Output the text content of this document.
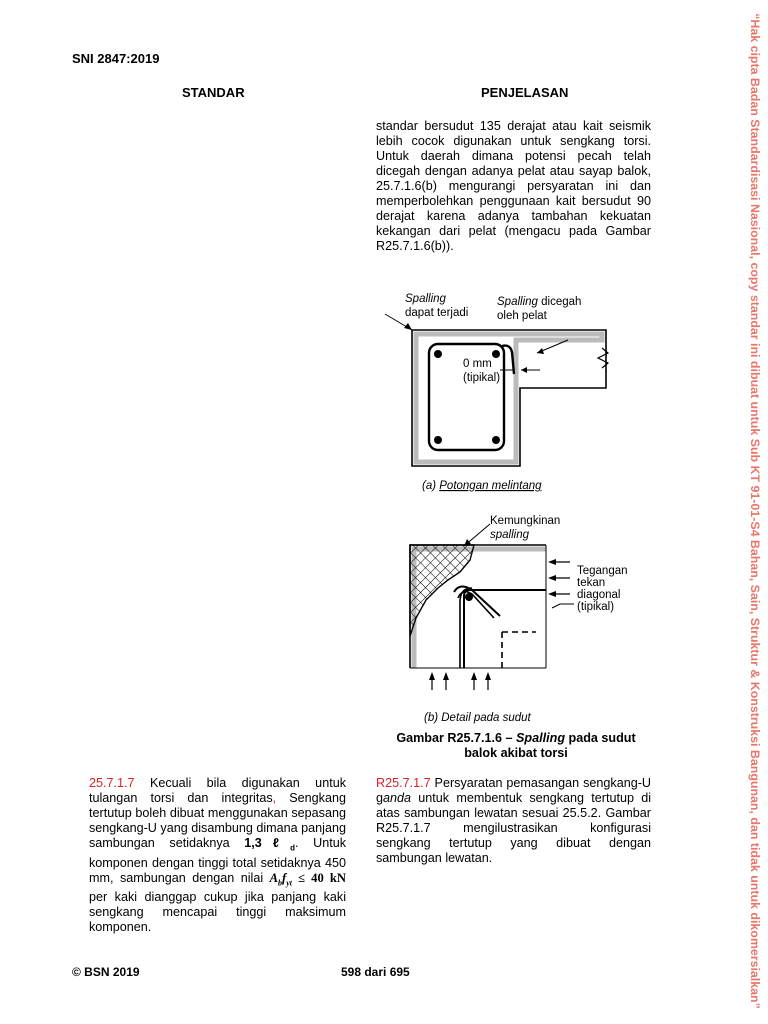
SNI 2847:2019
STANDAR	PENJELASAN
standar bersudut 135 derajat atau kait seismik lebih cocok digunakan untuk sengkang torsi. Untuk daerah dimana potensi pecah telah dicegah dengan adanya pelat atau sayap balok, 25.7.1.6(b) mengurangi persyaratan ini dan memperbolehkan penggunaan kait bersudut 90 derajat karena adanya tambahan kekuatan kekangan dari pelat (mengacu pada Gambar R25.7.1.6(b)).
Spalling
dapat terjadi
Spalling dicegah
oleh pelat
0 mm
(tipikal)
(a) Potongan melintang
Kemungkinan
spalling
Tegangan
tekan
diagonal
(tipikal)
(b) Detail pada sudut
Gambar R25.7.1.6 – Spalling pada sudut
balok akibat torsi
25.7.1.7 Kecuali bila digunakan untuk tulangan torsi dan integritas, Sengkang tertutup boleh dibuat menggunakan sepasang sengkang-U yang disambung dimana panjang sambungan setidaknya 1,3ℓ$_d$. Untuk komponen dengan tinggi total setidaknya 450 mm, sambungan dengan nilai $A_bf_{yt} \le 40$ kN per kaki dianggap cukup jika panjang kaki sengkang mencapai tinggi maksimum komponen.
R25.7.1.7 Persyaratan pemasangan sengkang-U ganda untuk membentuk sengkang tertutup di atas sambungan lewatan sesuai 25.5.2. Gambar R25.7.1.7 mengilustrasikan konfigurasi sengkang tertutup yang dibuat dengan sambungan lewatan.
© BSN 2019	598 dari 695	“Hak cipta Badan Standardisasi Nasional, copy standar ini dibuat untuk Sub KT 91-01-S4 Bahan, Sain, Struktur & Konstruksi Bangunan, dan tidak untuk dikomersialkan”
